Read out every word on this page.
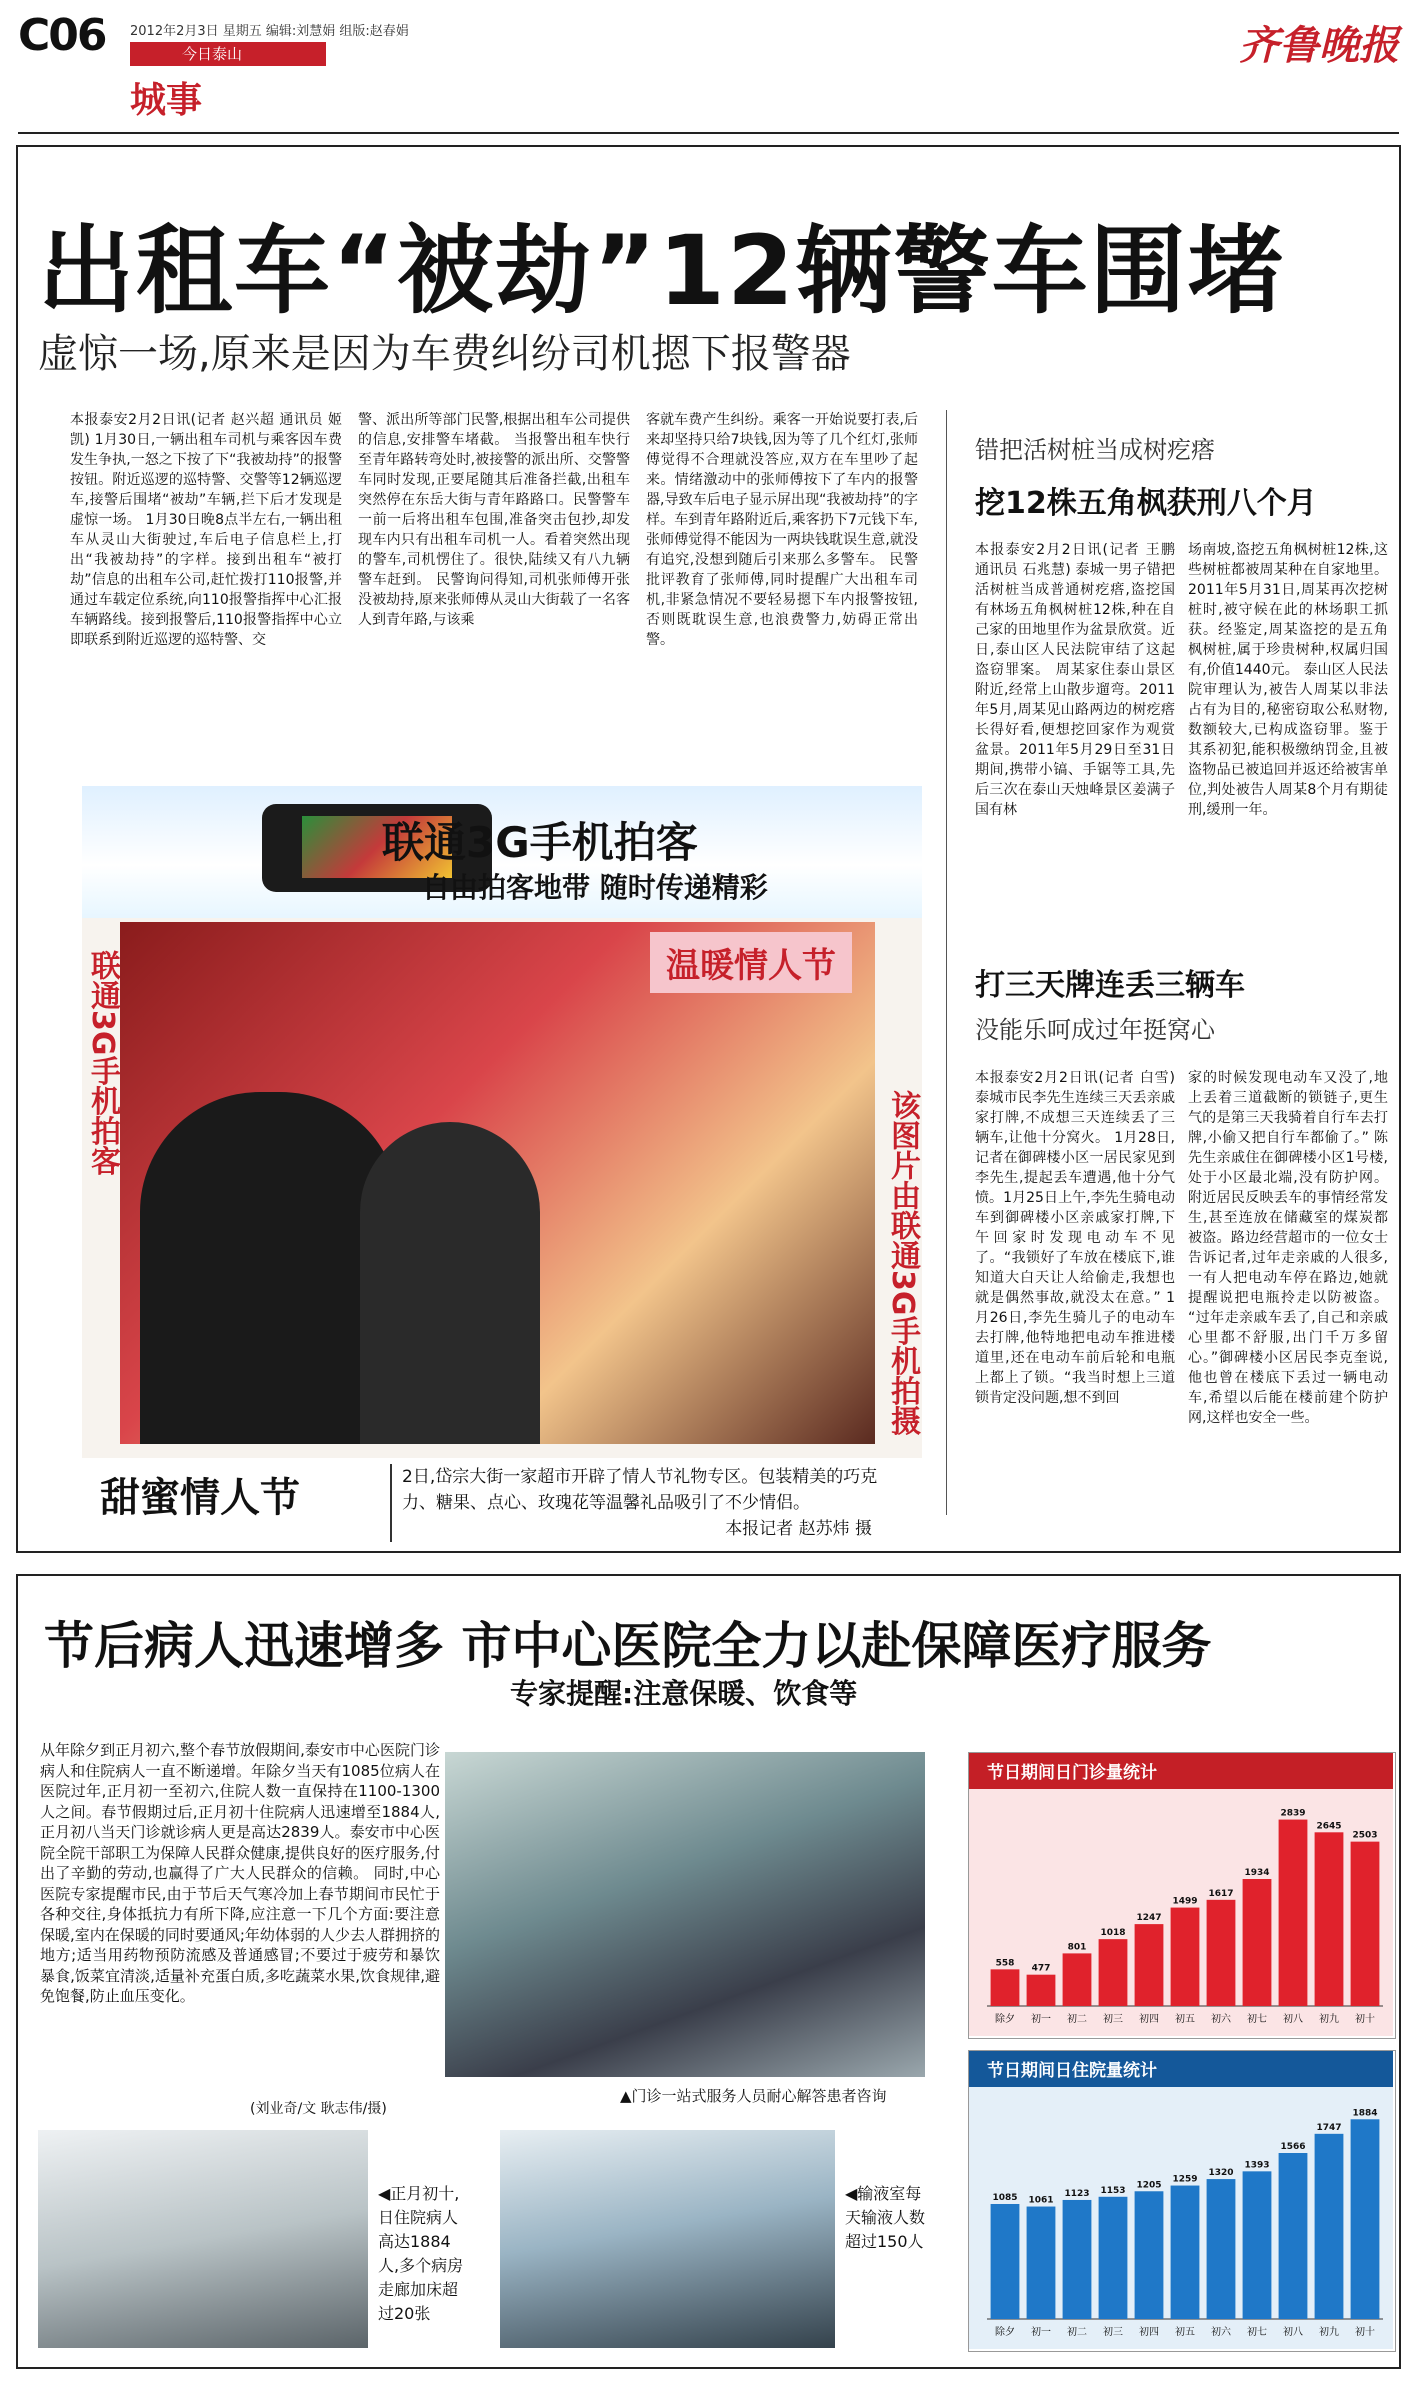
C06 2012年2月3日 星期五 编辑:刘慧娟 组版:赵春娟
今日泰山
城事
齐鲁晚报
出租车“被劫”12辆警车围堵
虚惊一场,原来是因为车费纠纷司机摁下报警器
本报泰安2月2日讯(记者 赵兴超 通讯员 姬凯) 1月30日,一辆出租车司机与乘客因车费发生争执,一怒之下按了下“我被劫持”的报警按钮。附近巡逻的巡特警、交警等12辆巡逻车,接警后围堵“被劫”车辆,拦下后才发现是虚惊一场。 1月30日晚8点半左右,一辆出租车从灵山大街驶过,车后电子信息栏上,打出“我被劫持”的字样。接到出租车“被打劫”信息的出租车公司,赶忙拨打110报警,并通过车载定位系统,向110报警指挥中心汇报车辆路线。接到报警后,110报警指挥中心立即联系到附近巡逻的巡特警、交
警、派出所等部门民警,根据出租车公司提供的信息,安排警车堵截。 当报警出租车快行至青年路转弯处时,被接警的派出所、交警警车同时发现,正要尾随其后准备拦截,出租车突然停在东岳大街与青年路路口。民警警车一前一后将出租车包围,准备突击包抄,却发现车内只有出租车司机一人。看着突然出现的警车,司机愣住了。很快,陆续又有八九辆警车赶到。 民警询问得知,司机张师傅开张没被劫持,原来张师傅从灵山大街载了一名客人到青年路,与该乘
客就车费产生纠纷。乘客一开始说要打表,后来却坚持只给7块钱,因为等了几个红灯,张师傅觉得不合理就没答应,双方在车里吵了起来。情绪激动中的张师傅按下了车内的报警器,导致车后电子显示屏出现“我被劫持”的字样。车到青年路附近后,乘客扔下7元钱下车,张师傅觉得不能因为一两块钱耽误生意,就没有追究,没想到随后引来那么多警车。 民警批评教育了张师傅,同时提醒广大出租车司机,非紧急情况不要轻易摁下车内报警按钮,否则既耽误生意,也浪费警力,妨碍正常出警。
错把活树桩当成树疙瘩
挖12株五角枫获刑八个月
本报泰安2月2日讯(记者 王鹏 通讯员 石兆慧) 泰城一男子错把活树桩当成普通树疙瘩,盗挖国有林场五角枫树桩12株,种在自己家的田地里作为盆景欣赏。近日,泰山区人民法院审结了这起盗窃罪案。 周某家住泰山景区附近,经常上山散步遛弯。2011年5月,周某见山路两边的树疙瘩长得好看,便想挖回家作为观赏盆景。2011年5月29日至31日期间,携带小镐、手锯等工具,先后三次在泰山天烛峰景区姜满子国有林
场南坡,盗挖五角枫树桩12株,这些树桩都被周某种在自家地里。 2011年5月31日,周某再次挖树桩时,被守候在此的林场职工抓获。经鉴定,周某盗挖的是五角枫树桩,属于珍贵树种,权属归国有,价值1440元。 泰山区人民法院审理认为,被告人周某以非法占有为目的,秘密窃取公私财物,数额较大,已构成盗窃罪。鉴于其系初犯,能积极缴纳罚金,且被盗物品已被追回并返还给被害单位,判处被告人周某8个月有期徒刑,缓刑一年。
打三天牌连丢三辆车
没能乐呵成过年挺窝心
本报泰安2月2日讯(记者 白雪) 泰城市民李先生连续三天丢亲戚家打牌,不成想三天连续丢了三辆车,让他十分窝火。 1月28日,记者在御碑楼小区一居民家见到李先生,提起丢车遭遇,他十分气愤。1月25日上午,李先生骑电动车到御碑楼小区亲戚家打牌,下午回家时发现电动车不见了。“我锁好了车放在楼底下,谁知道大白天让人给偷走,我想也就是偶然事故,就没太在意。” 1月26日,李先生骑儿子的电动车去打牌,他特地把电动车推进楼道里,还在电动车前后轮和电瓶上都上了锁。“我当时想上三道锁肯定没问题,想不到回
家的时候发现电动车又没了,地上丢着三道截断的锁链子,更生气的是第三天我骑着自行车去打牌,小偷又把自行车都偷了。” 陈先生亲戚住在御碑楼小区1号楼,处于小区最北端,没有防护网。附近居民反映丢车的事情经常发生,甚至连放在储藏室的煤炭都被盗。路边经营超市的一位女士告诉记者,过年走亲戚的人很多,一有人把电动车停在路边,她就提醒说把电瓶拎走以防被盗。 “过年走亲戚车丢了,自己和亲戚心里都不舒服,出门千万多留心。”御碑楼小区居民李克奎说,他也曾在楼底下丢过一辆电动车,希望以后能在楼前建个防护网,这样也安全一些。
联通3G手机拍客
自由拍客地带 随时传递精彩
联通3G手机拍客
该图片由联通3G手机拍摄
温暖情人节
甜蜜情人节	2日,岱宗大街一家超市开辟了情人节礼物专区。包装精美的巧克力、糖果、点心、玫瑰花等温馨礼品吸引了不少情侣。
本报记者 赵苏炜 摄
节后病人迅速增多 市中心医院全力以赴保障医疗服务
专家提醒:注意保暖、饮食等
从年除夕到正月初六,整个春节放假期间,泰安市中心医院门诊病人和住院病人一直不断递增。年除夕当天有1085位病人在医院过年,正月初一至初六,住院人数一直保持在1100-1300人之间。春节假期过后,正月初十住院病人迅速增至1884人,正月初八当天门诊就诊病人更是高达2839人。泰安市中心医院全院干部职工为保障人民群众健康,提供良好的医疗服务,付出了辛勤的劳动,也赢得了广大人民群众的信赖。 同时,中心医院专家提醒市民,由于节后天气寒冷加上春节期间市民忙于各种交往,身体抵抗力有所下降,应注意一下几个方面:要注意保暖,室内在保暖的同时要通风;年幼体弱的人少去人群拥挤的地方;适当用药物预防流感及普通感冒;不要过于疲劳和暴饮暴食,饭菜宜清淡,适量补充蛋白质,多吃蔬菜水果,饮食规律,避免饱餐,防止血压变化。
(刘业奇/文 耿志伟/摄)
▲门诊一站式服务人员耐心解答患者咨询
◀正月初十,日住院病人高达1884人,多个病房走廊加床超过20张
◀输液室每天输液人数超过150人
节日期间日门诊量统计
558
除夕
477
初一
801
初二
1018
初三
1247
初四
1499
初五
1617
初六
1934
初七
2839
初八
2645
初九
2503
初十
节日期间日住院量统计
1085
除夕
1061
初一
1123
初二
1153
初三
1205
初四
1259
初五
1320
初六
1393
初七
1566
初八
1747
初九
1884
初十
